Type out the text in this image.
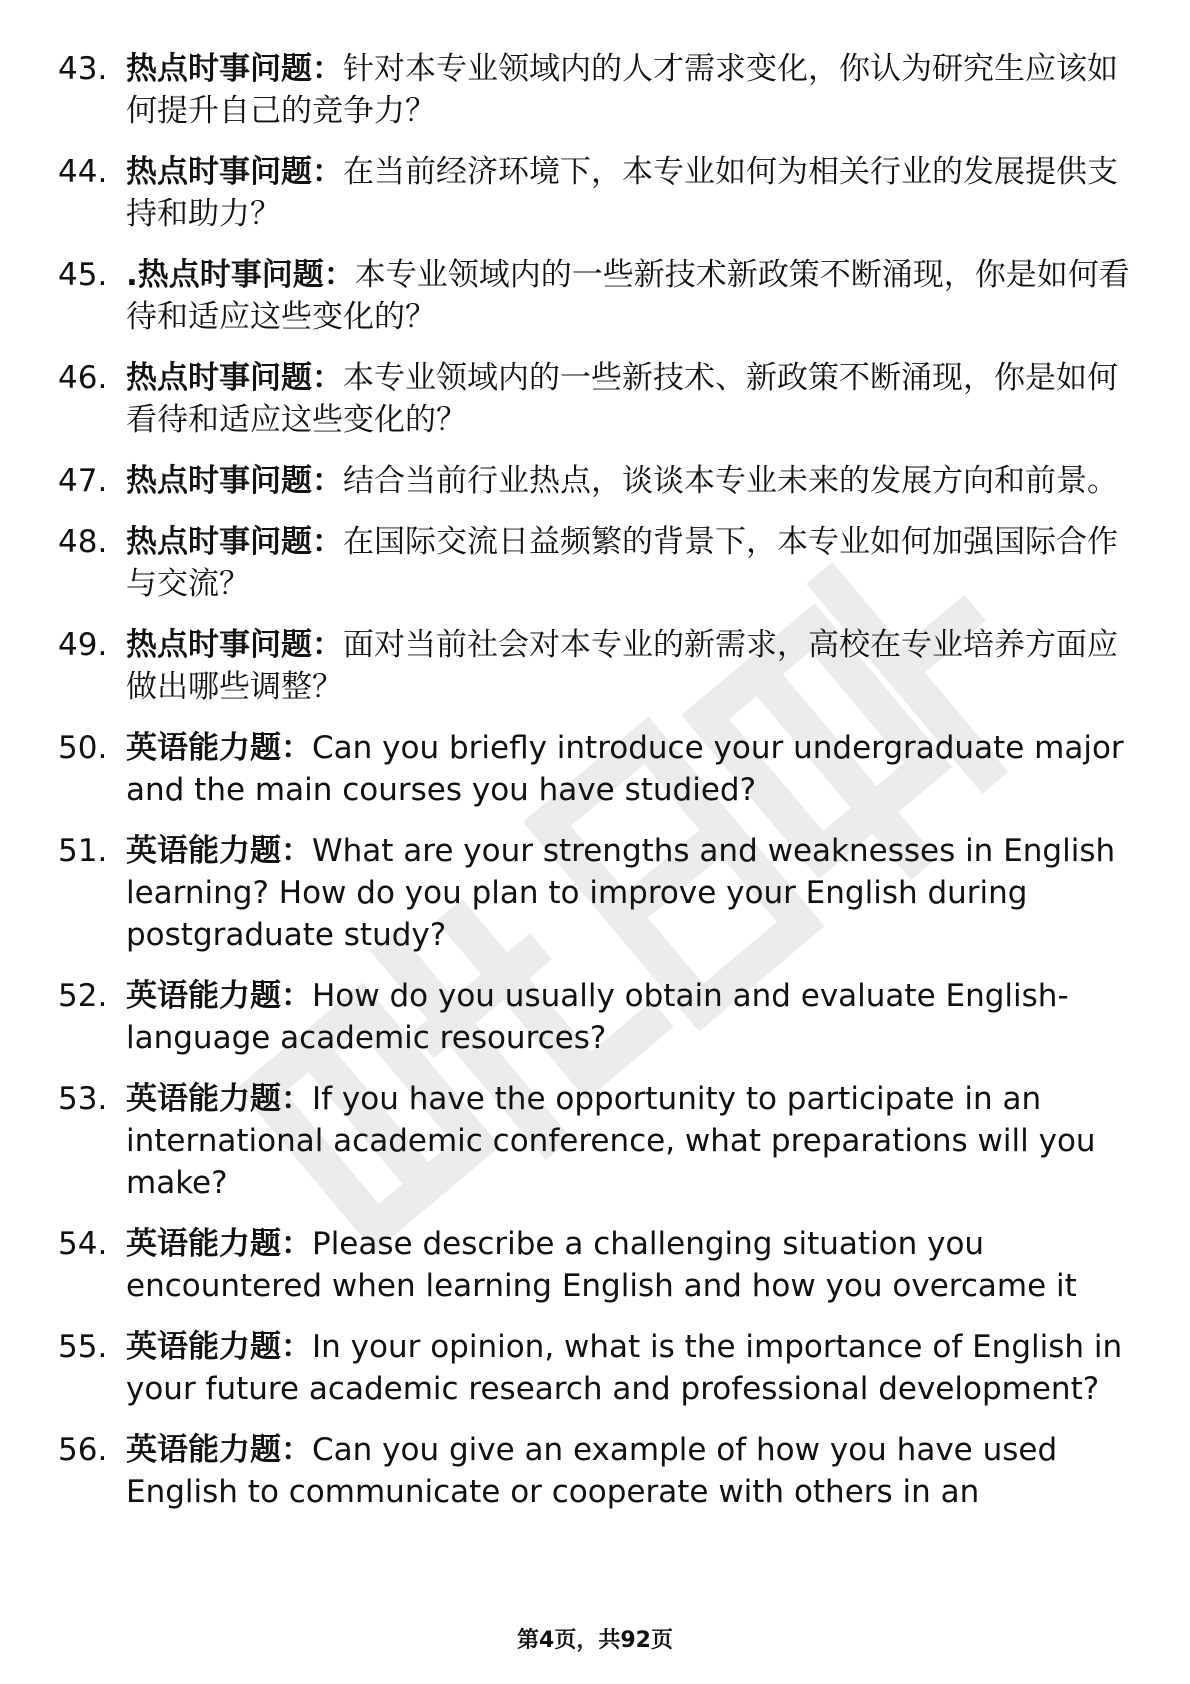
43. 热点时事问题：针对本专业领域内的人才需求变化，你认为研究生应该如何提升自己的竞争力？
44. 热点时事问题：在当前经济环境下，本专业如何为相关行业的发展提供支持和助力？
45. .热点时事问题：本专业领域内的一些新技术新政策不断涌现，你是如何看待和适应这些变化的？
46. 热点时事问题：本专业领域内的一些新技术、新政策不断涌现，你是如何看待和适应这些变化的？
47. 热点时事问题：结合当前行业热点，谈谈本专业未来的发展方向和前景。
48. 热点时事问题：在国际交流日益频繁的背景下，本专业如何加强国际合作与交流？
49. 热点时事问题：面对当前社会对本专业的新需求，高校在专业培养方面应做出哪些调整？
50. 英语能力题：Can you briefly introduce your undergraduate major and the main courses you have studied?
51. 英语能力题：What are your strengths and weaknesses in English learning? How do you plan to improve your English during postgraduate study?
52. 英语能力题：How do you usually obtain and evaluate English-language academic resources?
53. 英语能力题：If you have the opportunity to participate in an international academic conference, what preparations will you make?
54. 英语能力题：Please describe a challenging situation you encountered when learning English and how you overcame it
55. 英语能力题：In your opinion, what is the importance of English in your future academic research and professional development?
56. 英语能力题：Can you give an example of how you have used English to communicate or cooperate with others in an
第4页，共92页
